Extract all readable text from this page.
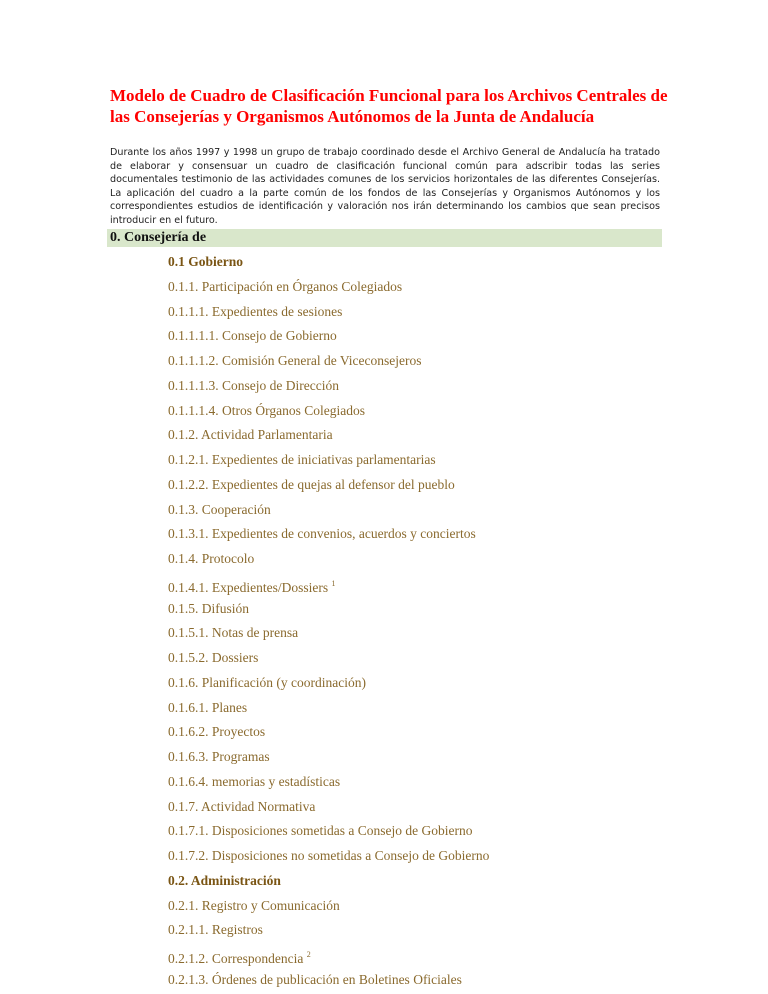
Modelo de Cuadro de Clasificación Funcional para los Archivos Centrales de las Consejerías y Organismos Autónomos de la Junta de Andalucía

Durante los años 1997 y 1998 un grupo de trabajo coordinado desde el Archivo General de Andalucía ha tratado de elaborar y consensuar un cuadro de clasificación funcional común para adscribir todas las series documentales testimonio de las actividades comunes de los servicios horizontales de las diferentes Consejerías. La aplicación del cuadro a la parte común de los fondos de las Consejerías y Organismos Autónomos y los correspondientes estudios de identificación y valoración nos irán determinando los cambios que sean precisos introducir en el futuro.

0. Consejería de
0.1 Gobierno
0.1.1. Participación en Órganos Colegiados
0.1.1.1. Expedientes de sesiones
0.1.1.1.1. Consejo de Gobierno
0.1.1.1.2. Comisión General de Viceconsejeros
0.1.1.1.3. Consejo de Dirección
0.1.1.1.4. Otros Órganos Colegiados
0.1.2. Actividad Parlamentaria
0.1.2.1. Expedientes de iniciativas parlamentarias
0.1.2.2. Expedientes de quejas al defensor del pueblo
0.1.3. Cooperación
0.1.3.1. Expedientes de convenios, acuerdos y conciertos
0.1.4. Protocolo
0.1.4.1. Expedientes/Dossiers $^1$
0.1.5. Difusión
0.1.5.1. Notas de prensa
0.1.5.2. Dossiers
0.1.6. Planificación (y coordinación)
0.1.6.1. Planes
0.1.6.2. Proyectos
0.1.6.3. Programas
0.1.6.4. memorias y estadísticas
0.1.7. Actividad Normativa
0.1.7.1. Disposiciones sometidas a Consejo de Gobierno
0.1.7.2. Disposiciones no sometidas a Consejo de Gobierno
0.2. Administración
0.2.1. Registro y Comunicación
0.2.1.1. Registros
0.2.1.2. Correspondencia $^2$
0.2.1.3. Órdenes de publicación en Boletines Oficiales
